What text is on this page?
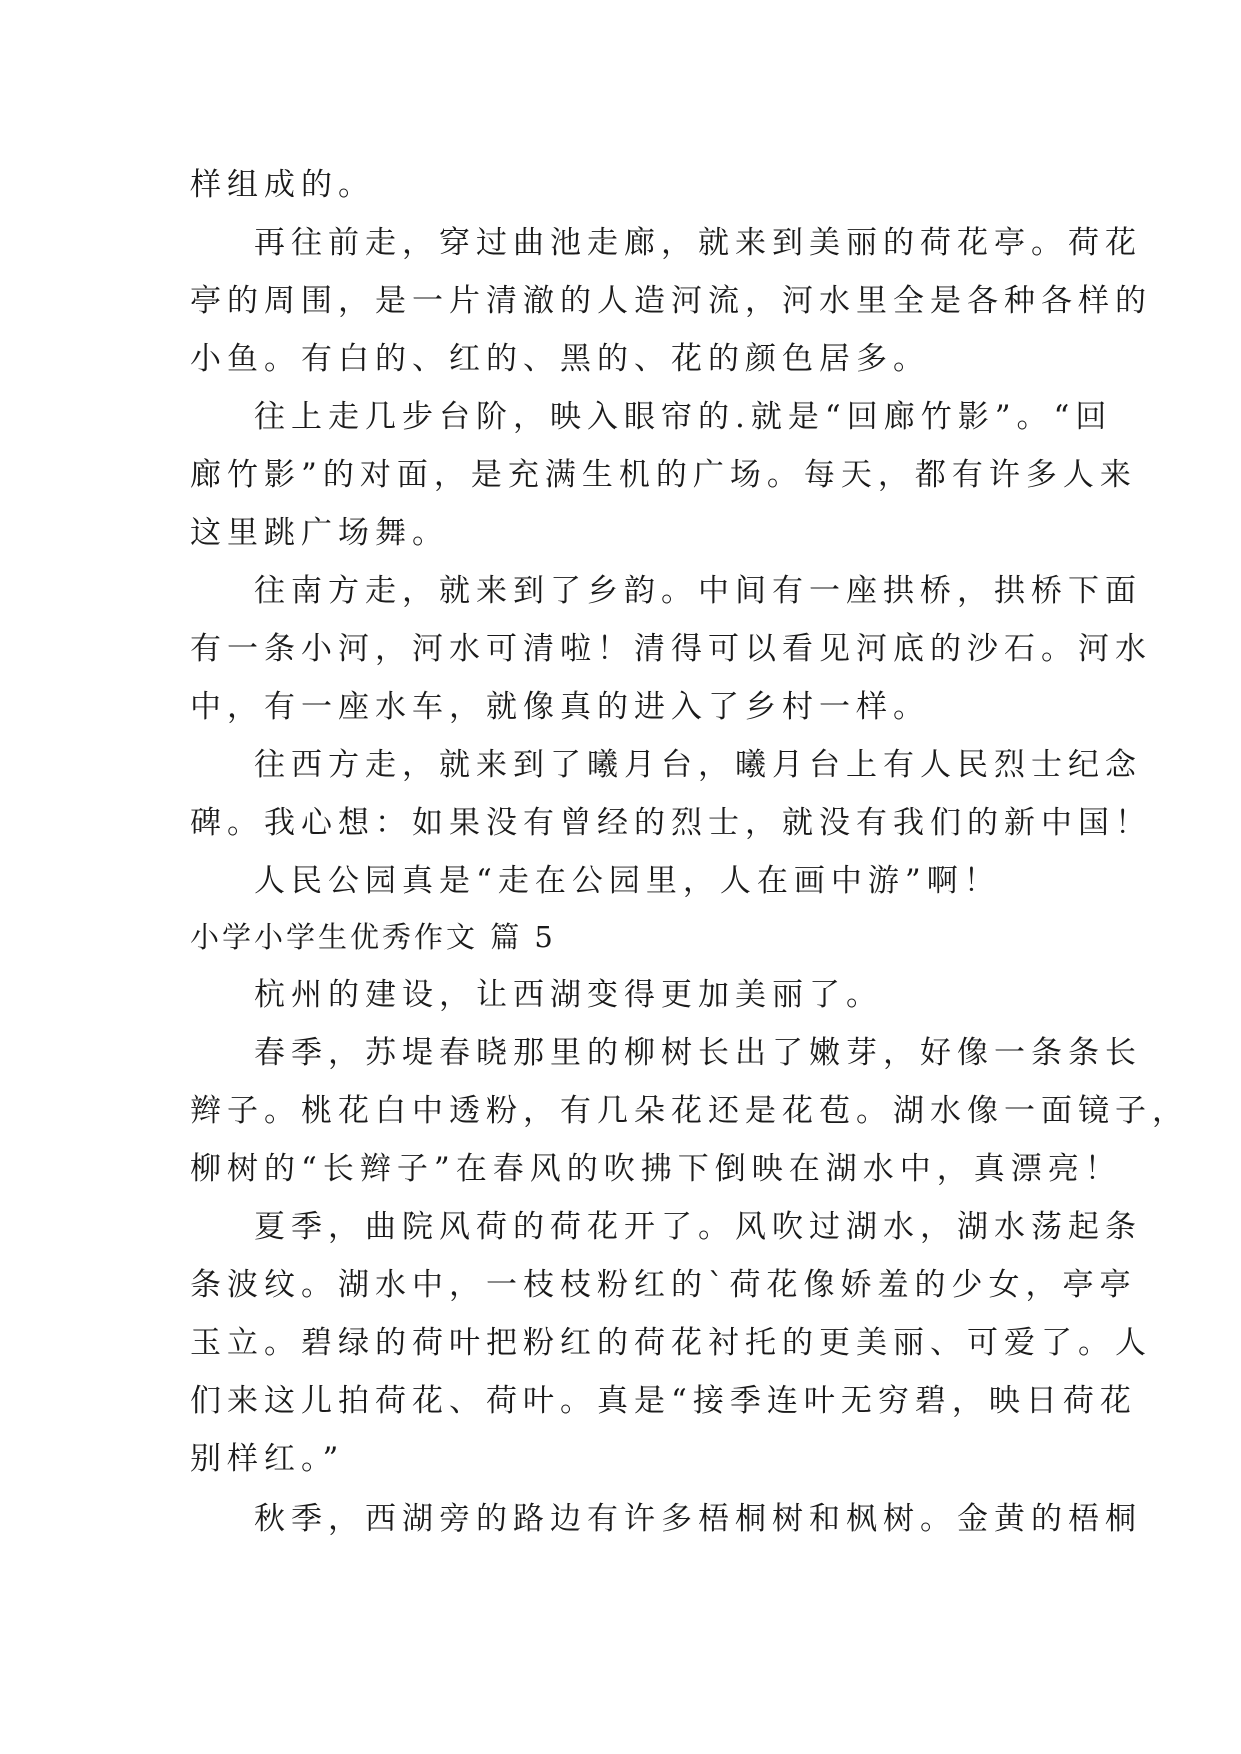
样组成的。
再往前走，穿过曲池走廊，就来到美丽的荷花亭。荷花
亭的周围，是一片清澈的人造河流，河水里全是各种各样的
小鱼。有白的、红的、黑的、花的颜色居多。
往上走几步台阶，映入眼帘的.就是“回廊竹影”。“回
廊竹影”的对面，是充满生机的广场。每天，都有许多人来
这里跳广场舞。
往南方走，就来到了乡韵。中间有一座拱桥，拱桥下面
有一条小河，河水可清啦！清得可以看见河底的沙石。河水
中，有一座水车，就像真的进入了乡村一样。
往西方走，就来到了曦月台，曦月台上有人民烈士纪念
碑。我心想：如果没有曾经的烈士，就没有我们的新中国！
人民公园真是“走在公园里，人在画中游”啊！
小学小学生优秀作文 篇 5
杭州的建设，让西湖变得更加美丽了。
春季，苏堤春晓那里的柳树长出了嫩芽，好像一条条长
辫子。桃花白中透粉，有几朵花还是花苞。湖水像一面镜子，
柳树的“长辫子”在春风的吹拂下倒映在湖水中，真漂亮！
夏季，曲院风荷的荷花开了。风吹过湖水，湖水荡起条
条波纹。湖水中，一枝枝粉红的`荷花像娇羞的少女，亭亭
玉立。碧绿的荷叶把粉红的荷花衬托的更美丽、可爱了。人
们来这儿拍荷花、荷叶。真是“接季连叶无穷碧，映日荷花
别样红。”
秋季，西湖旁的路边有许多梧桐树和枫树。金黄的梧桐
